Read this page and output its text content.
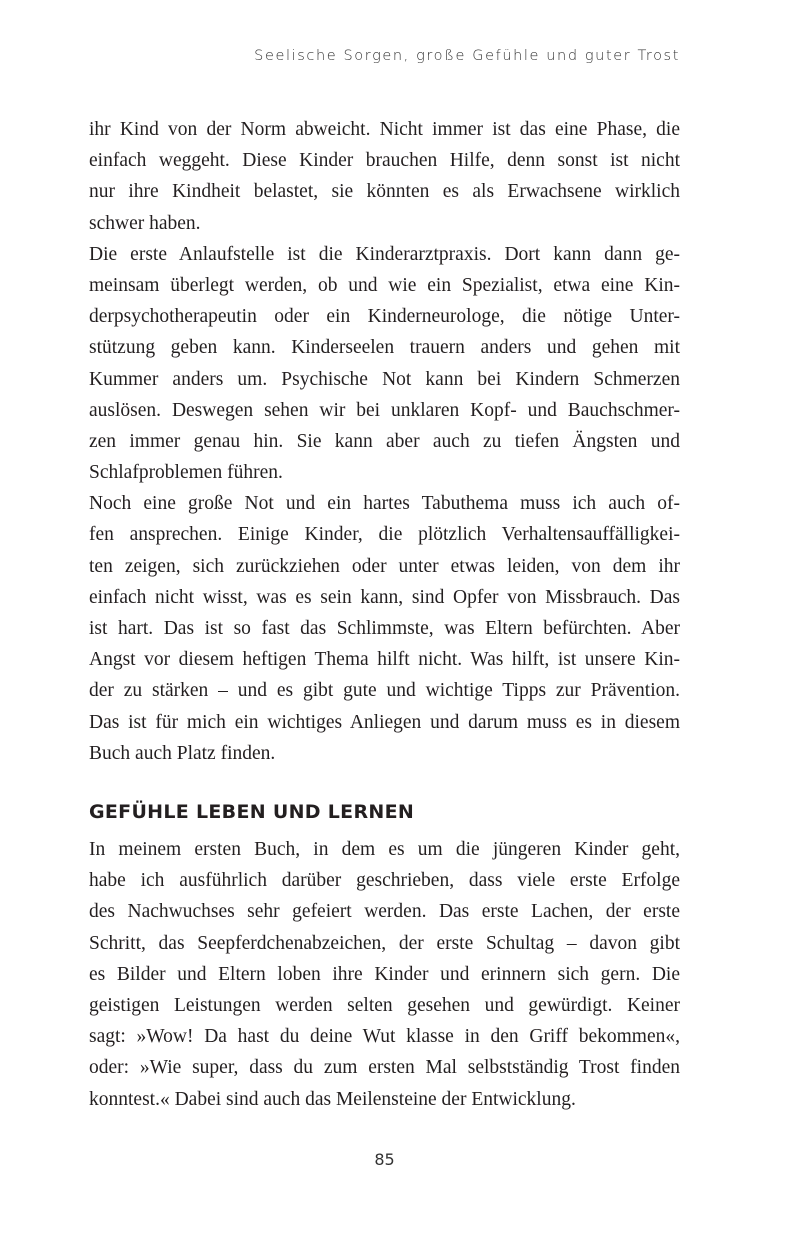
Seelische Sorgen, große Gefühle und guter Trost
ihr Kind von der Norm abweicht. Nicht immer ist das eine Phase, die
einfach weggeht. Diese Kinder brauchen Hilfe, denn sonst ist nicht
nur ihre Kindheit belastet, sie könnten es als Erwachsene wirklich
schwer haben.
Die erste Anlaufstelle ist die Kinderarztpraxis. Dort kann dann ge-
meinsam überlegt werden, ob und wie ein Spezialist, etwa eine Kin-
derpsychotherapeutin oder ein Kinderneurologe, die nötige Unter-
stützung geben kann. Kinderseelen trauern anders und gehen mit
Kummer anders um. Psychische Not kann bei Kindern Schmerzen
auslösen. Deswegen sehen wir bei unklaren Kopf- und Bauchschmer-
zen immer genau hin. Sie kann aber auch zu tiefen Ängsten und
Schlafproblemen führen.
Noch eine große Not und ein hartes Tabuthema muss ich auch of-
fen ansprechen. Einige Kinder, die plötzlich Verhaltensauffälligkei-
ten zeigen, sich zurückziehen oder unter etwas leiden, von dem ihr
einfach nicht wisst, was es sein kann, sind Opfer von Missbrauch. Das
ist hart. Das ist so fast das Schlimmste, was Eltern befürchten. Aber
Angst vor diesem heftigen Thema hilft nicht. Was hilft, ist unsere Kin-
der zu stärken – und es gibt gute und wichtige Tipps zur Prävention.
Das ist für mich ein wichtiges Anliegen und darum muss es in diesem
Buch auch Platz finden.
GEFÜHLE LEBEN UND LERNEN
In meinem ersten Buch, in dem es um die jüngeren Kinder geht,
habe ich ausführlich darüber geschrieben, dass viele erste Erfolge
des Nachwuchses sehr gefeiert werden. Das erste Lachen, der erste
Schritt, das Seepferdchenabzeichen, der erste Schultag – davon gibt
es Bilder und Eltern loben ihre Kinder und erinnern sich gern. Die
geistigen Leistungen werden selten gesehen und gewürdigt. Keiner
sagt: »Wow! Da hast du deine Wut klasse in den Griff bekommen«,
oder: »Wie super, dass du zum ersten Mal selbstständig Trost finden
konntest.« Dabei sind auch das Meilensteine der Entwicklung.
85
